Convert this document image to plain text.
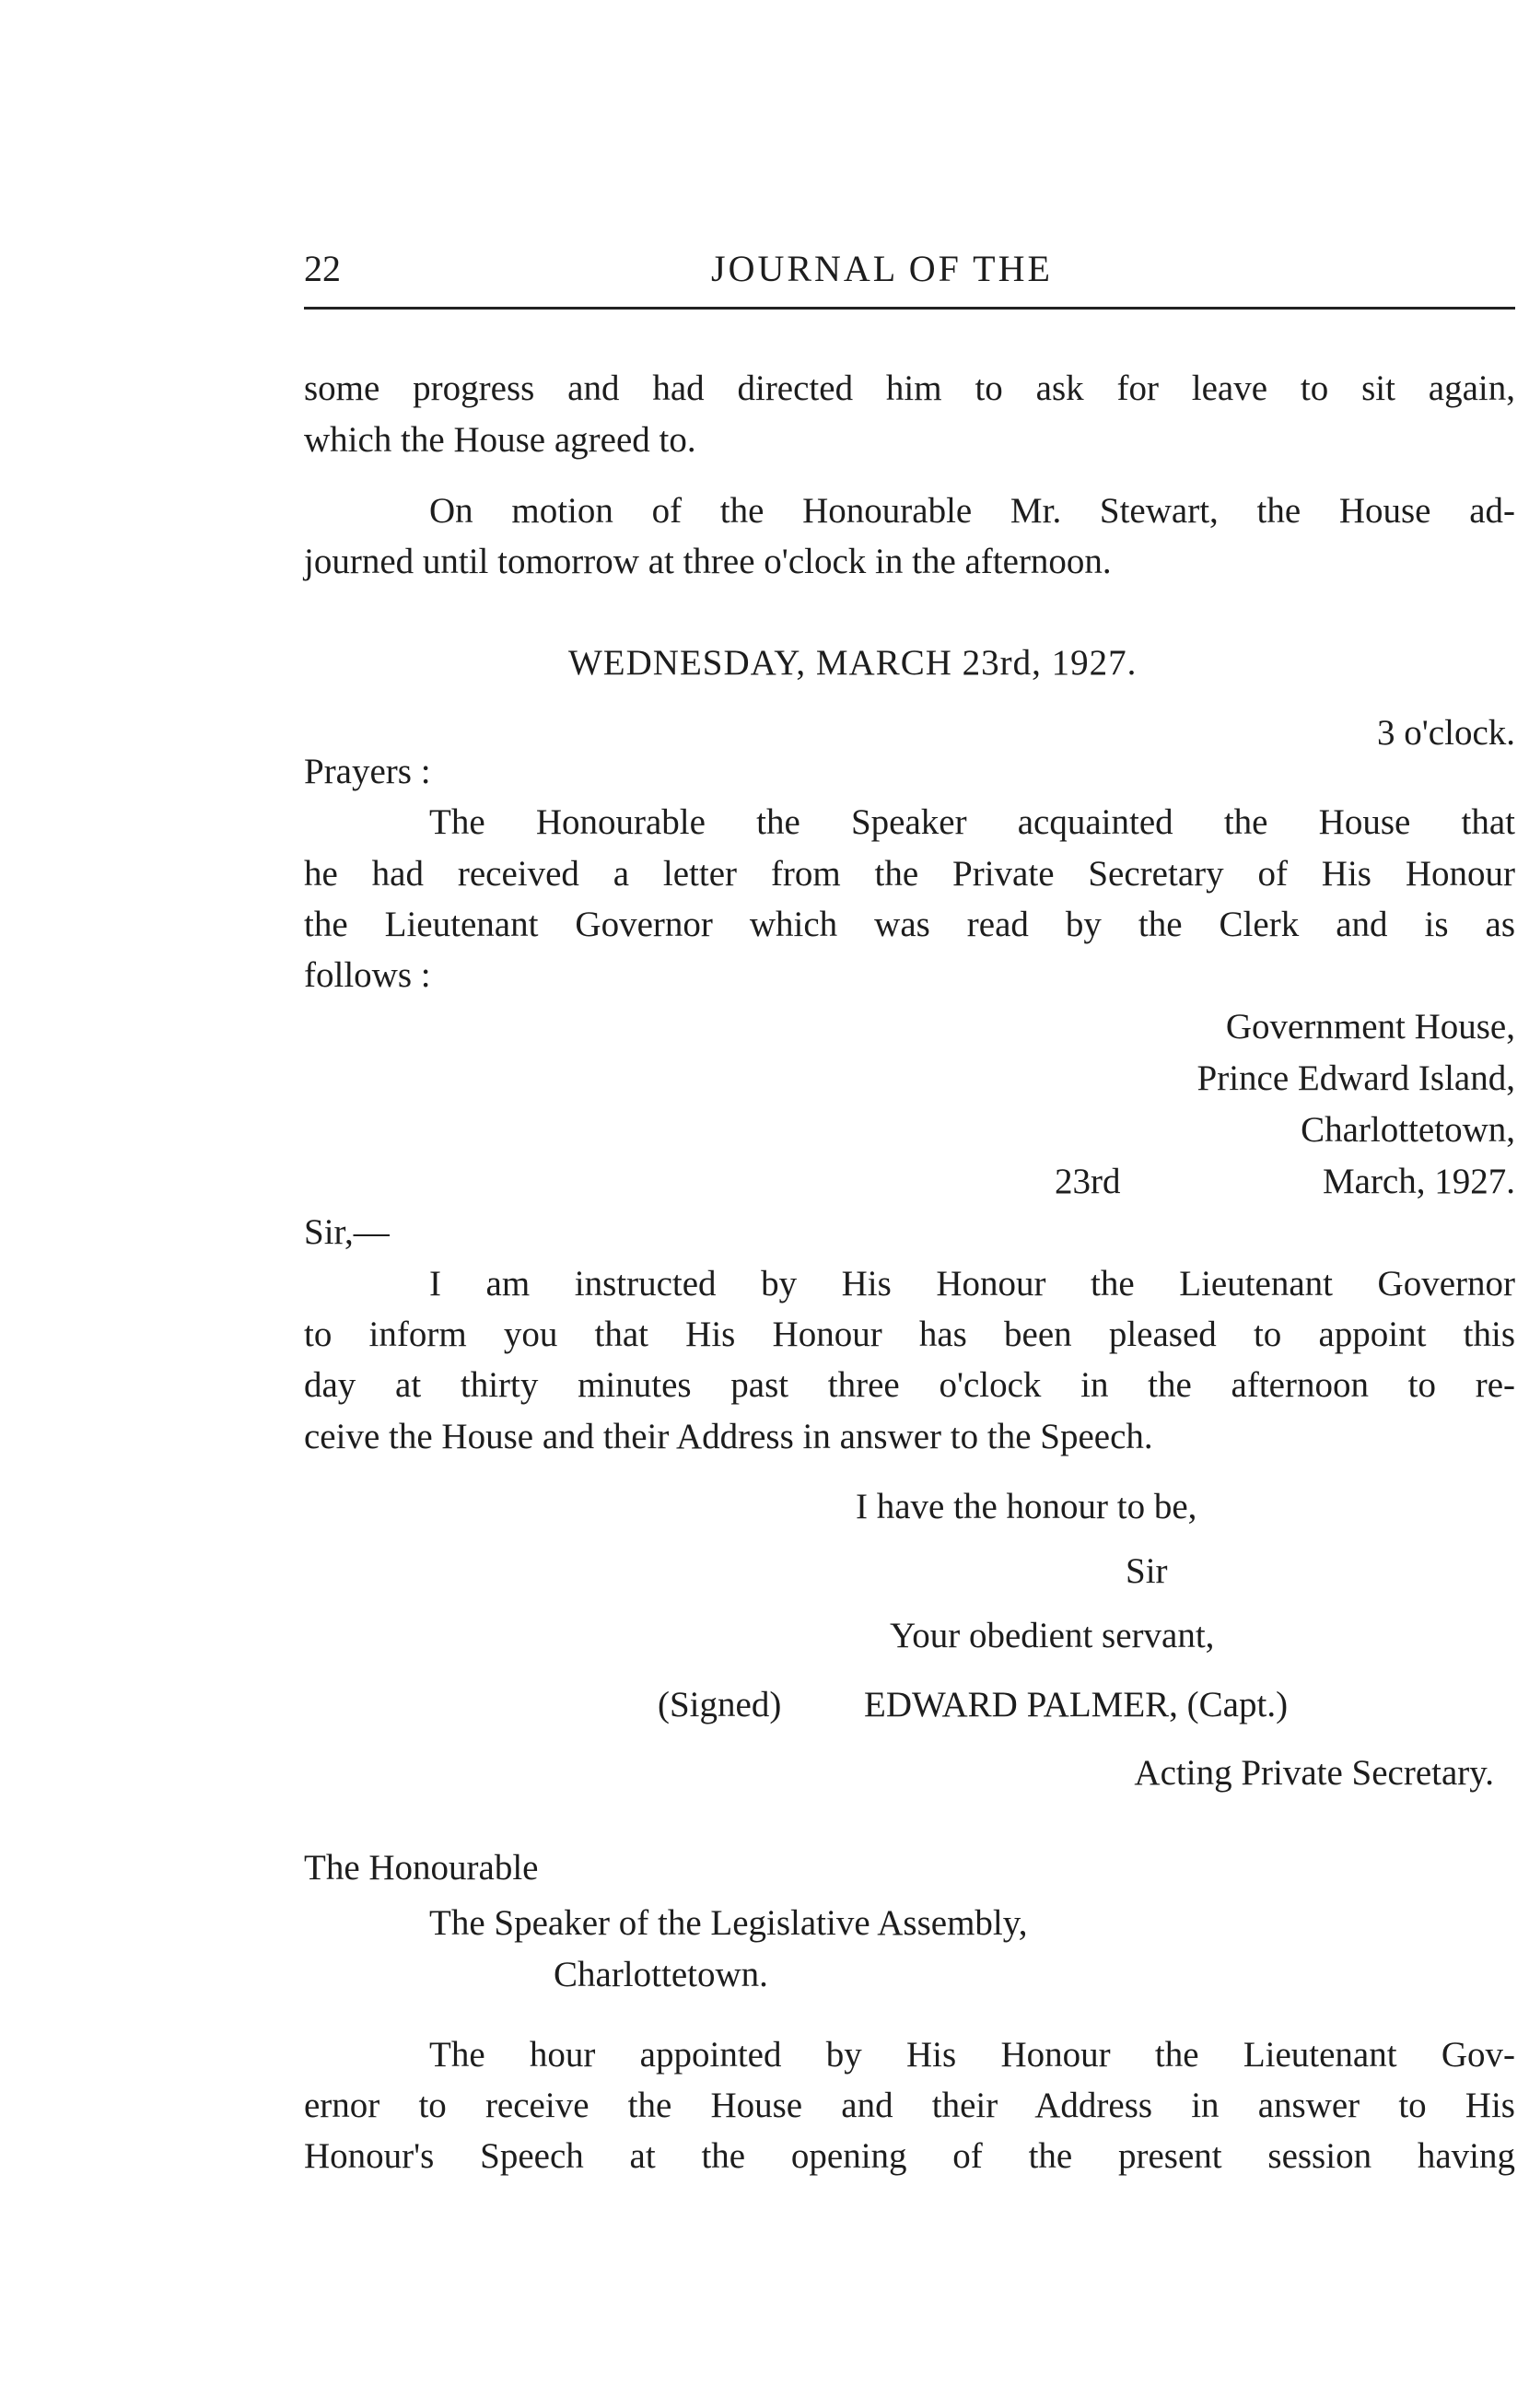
22	JOURNAL OF THE
some progress and had directed him to ask for leave to sit again,
which the House agreed to.
On motion of the Honourable Mr. Stewart, the House ad-
journed until tomorrow at three o'clock in the afternoon.
WEDNESDAY, MARCH 23rd, 1927.
3 o'clock.
Prayers :
The Honourable the Speaker acquainted the House that
he had received a letter from the Private Secretary of His Honour
the Lieutenant Governor which was read by the Clerk and is as
follows :
Government House,
Prince Edward Island,
Charlottetown,
23rd	March, 1927.
Sir,—
I am instructed by His Honour the Lieutenant Governor
to inform you that His Honour has been pleased to appoint this
day at thirty minutes past three o'clock in the afternoon to re-
ceive the House and their Address in answer to the Speech.
I have the honour to be,
Sir
Your obedient servant,
(Signed) EDWARD PALMER, (Capt.)
Acting Private Secretary.
The Honourable
The Speaker of the Legislative Assembly,
Charlottetown.
The hour appointed by His Honour the Lieutenant Gov-
ernor to receive the House and their Address in answer to His
Honour's Speech at the opening of the present session having
